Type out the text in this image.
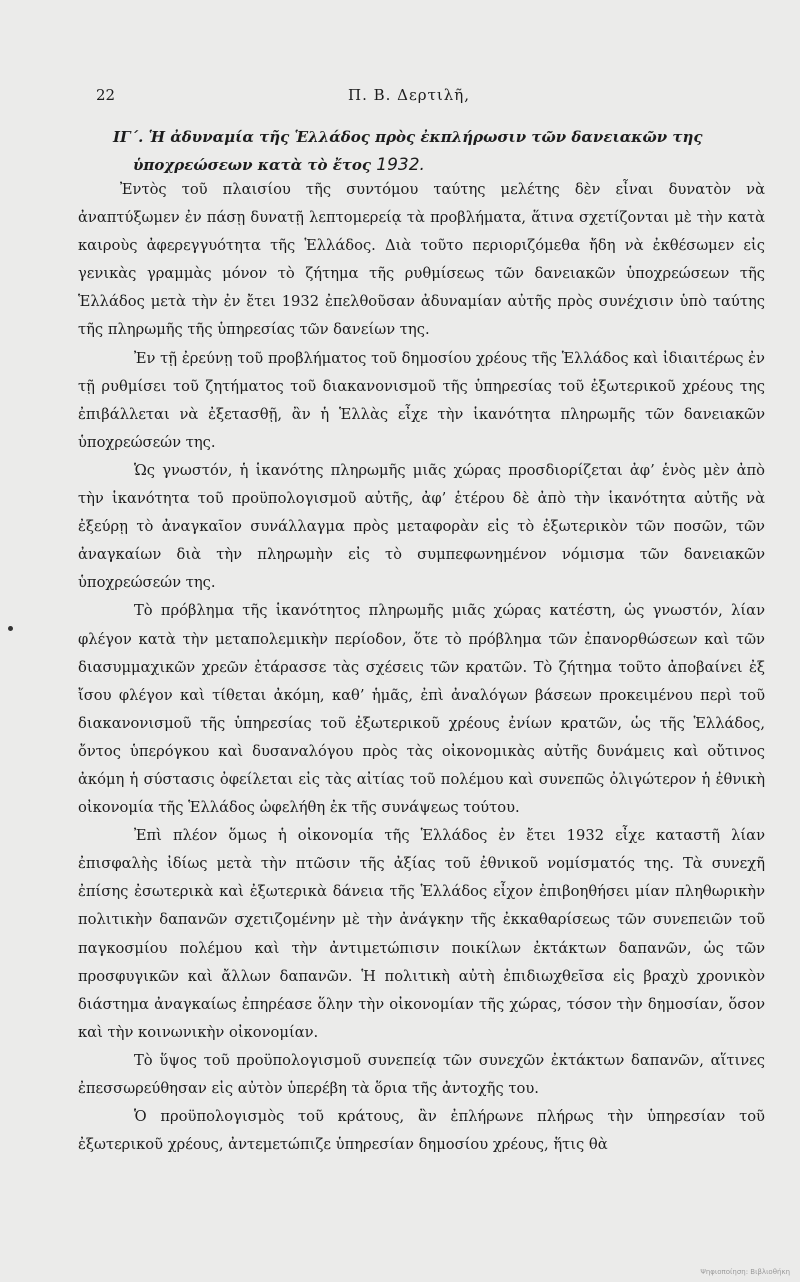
22	Π. Β. Δερτιλῆ,
ΙΓ΄. Ἡ ἀδυναμία τῆς Ἑλλάδος πρὸς ἐκπλήρωσιν τῶν δανειακῶν της
ὑποχρεώσεων κατὰ τὸ ἔτος 1932.

Ἐντὸς τοῦ πλαισίου τῆς συντόμου ταύτης μελέτης δὲν εἶναι δυνατὸν νὰ ἀναπτύξωμεν ἐν πάσῃ δυνατῇ λεπτομερείᾳ τὰ προβλήματα, ἅτινα σχετίζονται μὲ τὴν κατὰ καιροὺς ἀφερεγγυότητα τῆς Ἑλλάδος. Διὰ τοῦτο περιοριζόμεθα ἤδη νὰ ἐκθέσωμεν εἰς γενικὰς γραμμὰς μόνον τὸ ζήτημα τῆς ρυθμίσεως τῶν δανειακῶν ὑποχρεώσεων τῆς Ἑλλάδος μετὰ τὴν ἐν ἔτει 1932 ἐπελθοῦσαν ἀδυναμίαν αὐτῆς πρὸς συνέχισιν ὑπὸ ταύτης τῆς πληρωμῆς τῆς ὑπηρεσίας τῶν δανείων της.

Ἐν τῇ ἐρεύνῃ τοῦ προβλήματος τοῦ δημοσίου χρέους τῆς Ἑλλάδος καὶ ἰδιαιτέρως ἐν τῇ ρυθμίσει τοῦ ζητήματος τοῦ διακανονισμοῦ τῆς ὑπηρεσίας τοῦ ἐξωτερικοῦ χρέους της ἐπιβάλλεται νὰ ἐξετασθῇ, ἂν ἡ Ἑλλὰς εἶχε τὴν ἱκανότητα πληρωμῆς τῶν δανειακῶν ὑποχρεώσεών της.

Ὡς γνωστόν, ἡ ἱκανότης πληρωμῆς μιᾶς χώρας προσδιορίζεται ἀφ’ ἑνὸς μὲν ἀπὸ τὴν ἱκανότητα τοῦ προϋπολογισμοῦ αὐτῆς, ἀφ’ ἑτέρου δὲ ἀπὸ τὴν ἱκανότητα αὐτῆς νὰ ἐξεύρῃ τὸ ἀναγκαῖον συνάλλαγμα πρὸς μεταφορὰν εἰς τὸ ἐξωτερικὸν τῶν ποσῶν, τῶν ἀναγκαίων διὰ τὴν πληρωμὴν εἰς τὸ συμπεφωνημένον νόμισμα τῶν δανειακῶν ὑποχρεώσεών της.

Τὸ πρόβλημα τῆς ἱκανότητος πληρωμῆς μιᾶς χώρας κατέστη, ὡς γνωστόν, λίαν φλέγον κατὰ τὴν μεταπολεμικὴν περίοδον, ὅτε τὸ πρόβλημα τῶν ἐπανορθώσεων καὶ τῶν διασυμμαχικῶν χρεῶν ἐτάρασσε τὰς σχέσεις τῶν κρατῶν. Τὸ ζήτημα τοῦτο ἀποβαίνει ἐξ ἴσου φλέγον καὶ τίθεται ἀκόμη, καθ’ ἡμᾶς, ἐπὶ ἀναλόγων βάσεων προκειμένου περὶ τοῦ διακανονισμοῦ τῆς ὑπηρεσίας τοῦ ἐξωτερικοῦ χρέους ἐνίων κρατῶν, ὡς τῆς Ἑλλάδος, ὄντος ὑπερόγκου καὶ δυσαναλόγου πρὸς τὰς οἰκονομικὰς αὐτῆς δυνάμεις καὶ οὔτινος ἀκόμη ἡ σύστασις ὀφείλεται εἰς τὰς αἰτίας τοῦ πολέμου καὶ συνεπῶς ὀλιγώτερον ἡ ἐθνικὴ οἰκονομία τῆς Ἑλλάδος ὠφελήθη ἐκ τῆς συνάψεως τούτου.

Ἐπὶ πλέον ὅμως ἡ οἰκονομία τῆς Ἑλλάδος ἐν ἔτει 1932 εἶχε καταστῆ λίαν ἐπισφαλὴς ἰδίως μετὰ τὴν πτῶσιν τῆς ἀξίας τοῦ ἐθνικοῦ νομίσματός της. Τὰ συνεχῆ ἐπίσης ἐσωτερικὰ καὶ ἐξωτερικὰ δάνεια τῆς Ἑλλάδος εἶχον ἐπιβοηθήσει μίαν πληθωρικὴν πολιτικὴν δαπανῶν σχετιζομένην μὲ τὴν ἀνάγκην τῆς ἐκκαθαρίσεως τῶν συνεπειῶν τοῦ παγκοσμίου πολέμου καὶ τὴν ἀντιμετώπισιν ποικίλων ἐκτάκτων δαπανῶν, ὡς τῶν προσφυγικῶν καὶ ἄλλων δαπανῶν. Ἡ πολιτικὴ αὐτὴ ἐπιδιωχθεῖσα εἰς βραχὺ χρονικὸν διάστημα ἀναγκαίως ἐπηρέασε ὅλην τὴν οἰκονομίαν τῆς χώρας, τόσον τὴν δημοσίαν, ὅσον καὶ τὴν κοινωνικὴν οἰκονομίαν.

Τὸ ὕψος τοῦ προϋπολογισμοῦ συνεπείᾳ τῶν συνεχῶν ἐκτάκτων δαπανῶν, αἵτινες ἐπεσσωρεύθησαν εἰς αὐτὸν ὑπερέβη τὰ ὅρια τῆς ἀντοχῆς του.

Ὁ προϋπολογισμὸς τοῦ κράτους, ἂν ἐπλήρωνε πλήρως τὴν ὑπηρεσίαν τοῦ ἐξωτερικοῦ χρέους, ἀντεμετώπιζε ὑπηρεσίαν δημοσίου χρέους, ἥτις θὰ

Ψηφιοποίηση: Βιβλιοθήκη
